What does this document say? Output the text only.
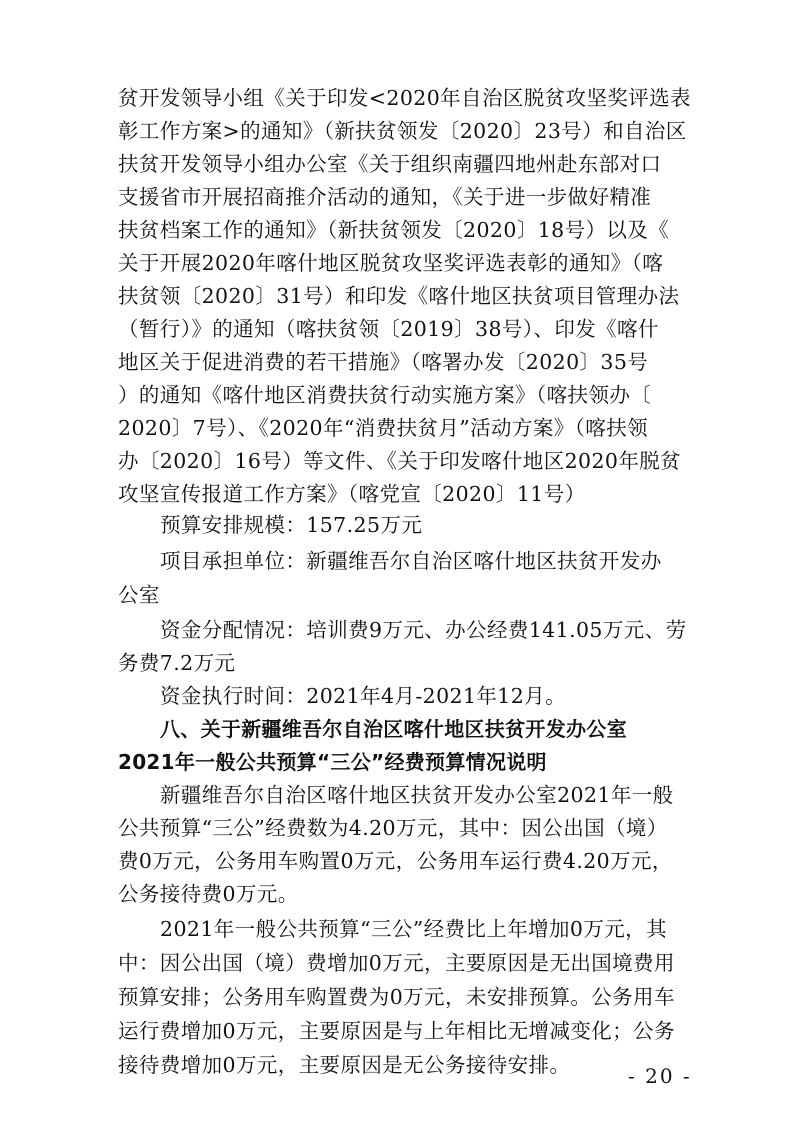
贫开发领导小组《关于印发<2020年自治区脱贫攻坚奖评选表
彰工作方案>的通知》（新扶贫领发〔2020〕23号）和自治区
扶贫开发领导小组办公室《关于组织南疆四地州赴东部对口
支援省市开展招商推介活动的通知，《关于进一步做好精准
扶贫档案工作的通知》（新扶贫领发〔2020〕18号）以及《
关于开展2020年喀什地区脱贫攻坚奖评选表彰的通知》（喀
扶贫领〔2020〕31号）和印发《喀什地区扶贫项目管理办法
（暂行）》的通知（喀扶贫领〔2019〕38号）、印发《喀什
地区关于促进消费的若干措施》（喀署办发〔2020〕35号
）的通知《喀什地区消费扶贫行动实施方案》（喀扶领办〔
2020〕7号）、《2020年“消费扶贫月”活动方案》（喀扶领
办〔2020〕16号）等文件、《关于印发喀什地区2020年脱贫
攻坚宣传报道工作方案》（喀党宣〔2020〕11号）
预算安排规模：157.25万元
项目承担单位：新疆维吾尔自治区喀什地区扶贫开发办
公室
资金分配情况：培训费9万元、办公经费141.05万元、劳
务费7.2万元
资金执行时间：2021年4月-2021年12月。
八、关于新疆维吾尔自治区喀什地区扶贫开发办公室
2021年一般公共预算“三公”经费预算情况说明
新疆维吾尔自治区喀什地区扶贫开发办公室2021年一般
公共预算“三公”经费数为4.20万元，其中：因公出国（境）
费0万元，公务用车购置0万元，公务用车运行费4.20万元，
公务接待费0万元。
2021年一般公共预算“三公”经费比上年增加0万元，其
中：因公出国（境）费增加0万元，主要原因是无出国境费用
预算安排；公务用车购置费为0万元，未安排预算。公务用车
运行费增加0万元，主要原因是与上年相比无增减变化；公务
接待费增加0万元，主要原因是无公务接待安排。	- 20 -
